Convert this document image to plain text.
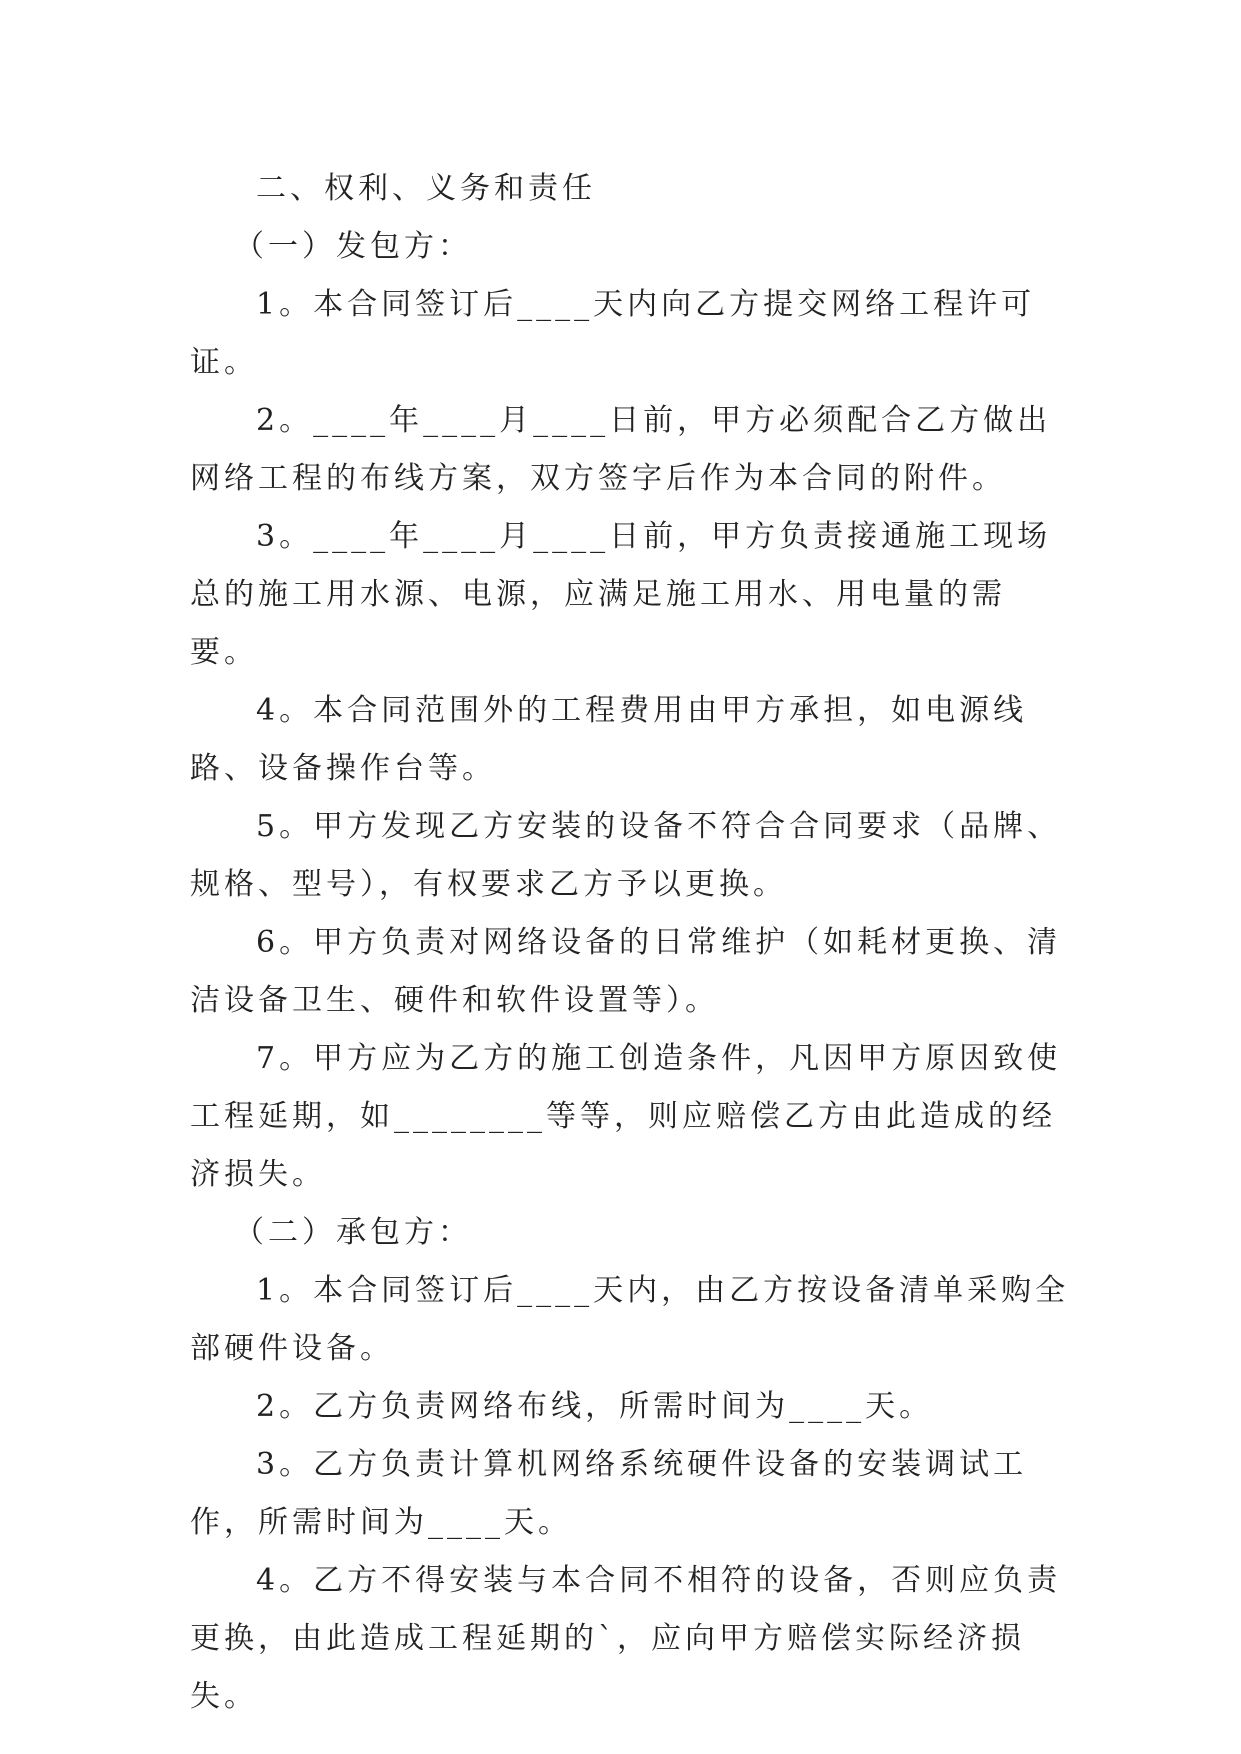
二、权利、义务和责任

（一）发包方：

1。本合同签订后____天内向乙方提交网络工程许可证。

2。____年____月____日前，甲方必须配合乙方做出网络工程的布线方案，双方签字后作为本合同的附件。

3。____年____月____日前，甲方负责接通施工现场总的施工用水源、电源，应满足施工用水、用电量的需要。

4。本合同范围外的工程费用由甲方承担，如电源线路、设备操作台等。

5。甲方发现乙方安装的设备不符合合同要求（品牌、规格、型号），有权要求乙方予以更换。

6。甲方负责对网络设备的日常维护（如耗材更换、清洁设备卫生、硬件和软件设置等）。

7。甲方应为乙方的施工创造条件，凡因甲方原因致使工程延期，如________等等，则应赔偿乙方由此造成的经济损失。

（二）承包方：

1。本合同签订后____天内，由乙方按设备清单采购全部硬件设备。

2。乙方负责网络布线，所需时间为____天。

3。乙方负责计算机网络系统硬件设备的安装调试工作，所需时间为____天。

4。乙方不得安装与本合同不相符的设备，否则应负责更换，由此造成工程延期的`，应向甲方赔偿实际经济损失。
